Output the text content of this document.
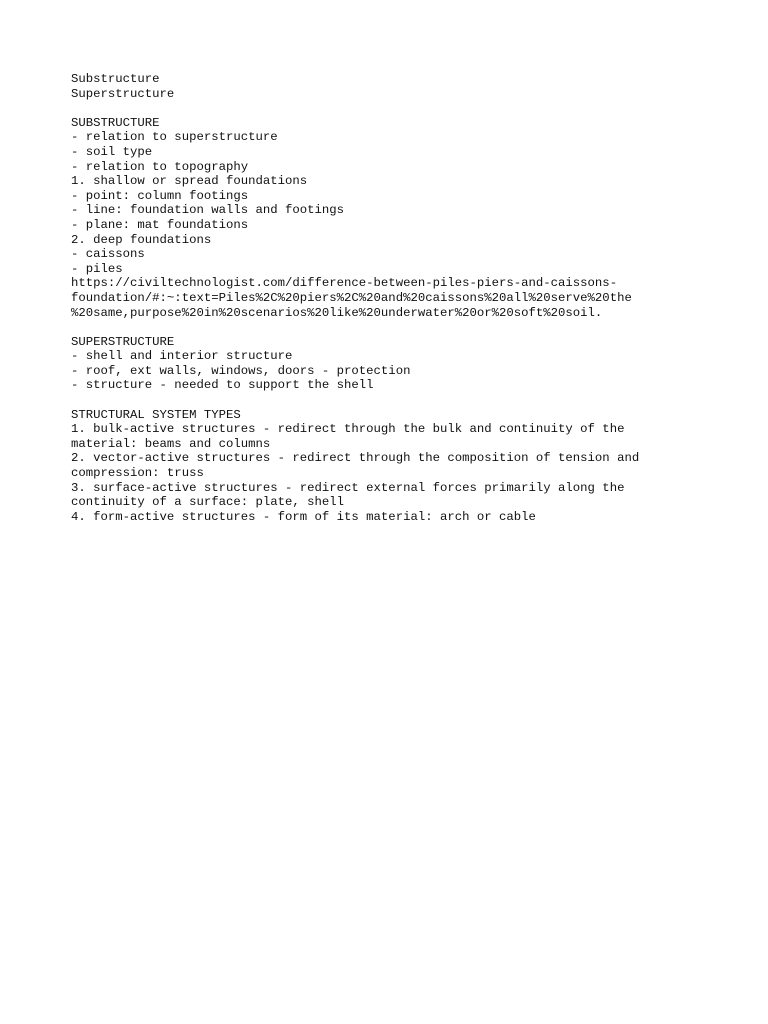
Substructure
Superstructure
SUBSTRUCTURE
- relation to superstructure
- soil type
- relation to topography
1. shallow or spread foundations
- point: column footings
- line: foundation walls and footings
- plane: mat foundations
2. deep foundations
- caissons
- piles
https://civiltechnologist.com/difference-between-piles-piers-and-caissons-
foundation/#:~:text=Piles%2C%20piers%2C%20and%20caissons%20all%20serve%20the
%20same,purpose%20in%20scenarios%20like%20underwater%20or%20soft%20soil.
SUPERSTRUCTURE
- shell and interior structure
- roof, ext walls, windows, doors - protection
- structure - needed to support the shell
STRUCTURAL SYSTEM TYPES
1. bulk-active structures - redirect through the bulk and continuity of the
material: beams and columns
2. vector-active structures - redirect through the composition of tension and
compression: truss
3. surface-active structures - redirect external forces primarily along the
continuity of a surface: plate, shell
4. form-active structures - form of its material: arch or cable
